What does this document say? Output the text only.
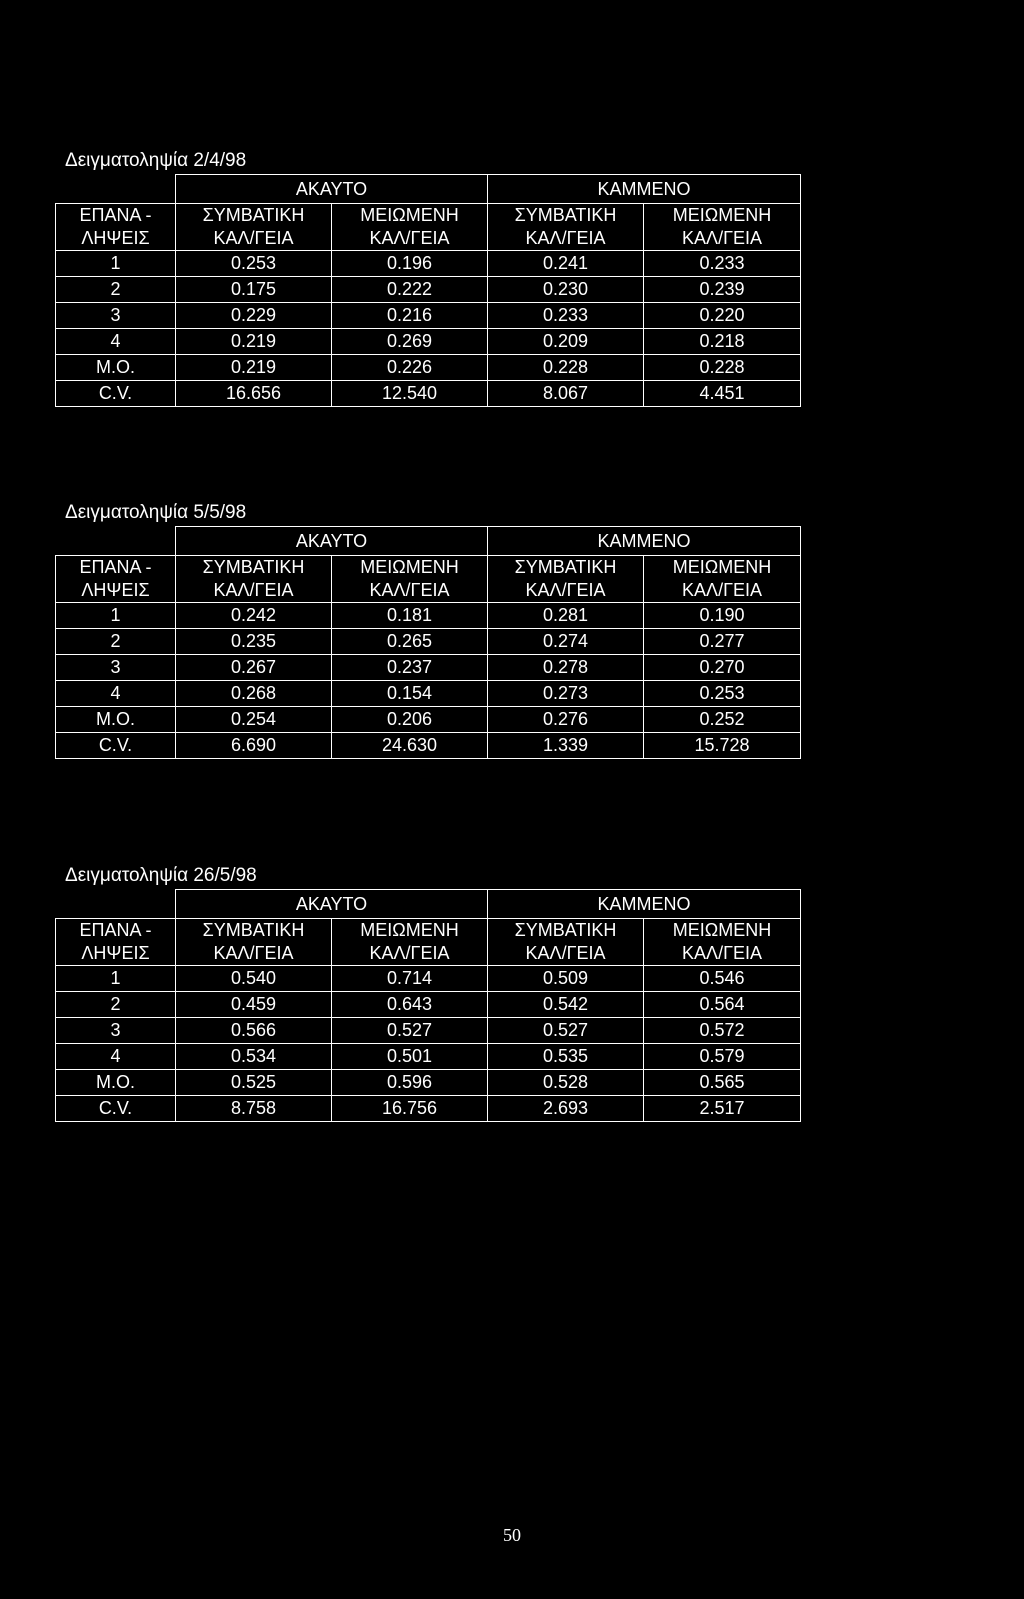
Δειγματοληψία 2/4/98
	ΑΚΑΥΤΟ		ΚΑΜΜΕΝΟ	
ΕΠΑΝΑ -	ΣΥΜΒΑΤΙΚΗ	ΜΕΙΩΜΕΝΗ	ΣΥΜΒΑΤΙΚΗ	ΜΕΙΩΜΕΝΗ
ΛΗΨΕΙΣ	ΚΑΛ/ΓΕΙΑ	ΚΑΛ/ΓΕΙΑ	ΚΑΛ/ΓΕΙΑ	ΚΑΛ/ΓΕΙΑ
1	0.253	0.196	0.241	0.233
2	0.175	0.222	0.230	0.239
3	0.229	0.216	0.233	0.220
4	0.219	0.269	0.209	0.218
Μ.Ο.	0.219	0.226	0.228	0.228
C.V.	16.656	12.540	8.067	4.451
Δειγματοληψία 5/5/98
	ΑΚΑΥΤΟ		ΚΑΜΜΕΝΟ	
ΕΠΑΝΑ -	ΣΥΜΒΑΤΙΚΗ	ΜΕΙΩΜΕΝΗ	ΣΥΜΒΑΤΙΚΗ	ΜΕΙΩΜΕΝΗ
ΛΗΨΕΙΣ	ΚΑΛ/ΓΕΙΑ	ΚΑΛ/ΓΕΙΑ	ΚΑΛ/ΓΕΙΑ	ΚΑΛ/ΓΕΙΑ
1	0.242	0.181	0.281	0.190
2	0.235	0.265	0.274	0.277
3	0.267	0.237	0.278	0.270
4	0.268	0.154	0.273	0.253
Μ.Ο.	0.254	0.206	0.276	0.252
C.V.	6.690	24.630	1.339	15.728
Δειγματοληψία 26/5/98
	ΑΚΑΥΤΟ		ΚΑΜΜΕΝΟ	
ΕΠΑΝΑ -	ΣΥΜΒΑΤΙΚΗ	ΜΕΙΩΜΕΝΗ	ΣΥΜΒΑΤΙΚΗ	ΜΕΙΩΜΕΝΗ
ΛΗΨΕΙΣ	ΚΑΛ/ΓΕΙΑ	ΚΑΛ/ΓΕΙΑ	ΚΑΛ/ΓΕΙΑ	ΚΑΛ/ΓΕΙΑ
1	0.540	0.714	0.509	0.546
2	0.459	0.643	0.542	0.564
3	0.566	0.527	0.527	0.572
4	0.534	0.501	0.535	0.579
Μ.Ο.	0.525	0.596	0.528	0.565
C.V.	8.758	16.756	2.693	2.517
50
